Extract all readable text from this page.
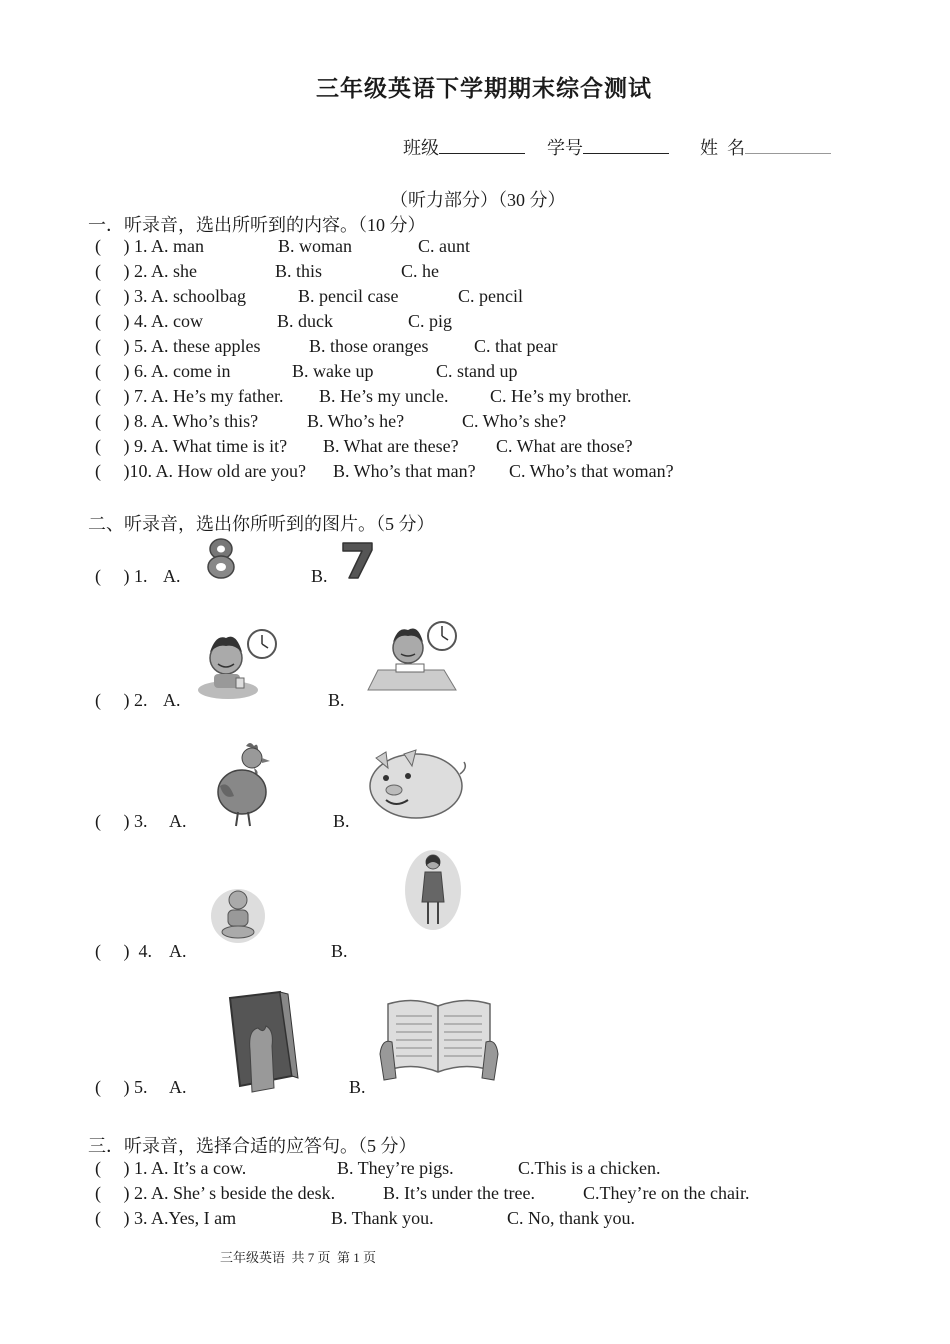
三年级英语下学期期末综合测试
班级	学号	姓  名
（听力部分）（30 分）
一．听录音，选出所听到的内容。（10 分）
(     ) 1. A. man	B. woman	C. aunt
(     ) 2. A. she	B. this	C. he
(     ) 3. A. schoolbag	B. pencil case	C. pencil
(     ) 4. A. cow	B. duck	C. pig
(     ) 5. A. these apples	B. those oranges	C. that pear
(     ) 6. A. come in	B. wake up	C. stand up
(     ) 7. A. He’s my father. B. He’s my uncle. C. He’s my brother.
(     ) 8. A. Who’s this?	B. Who’s he?	C. Who’s she?
(     ) 9. A. What time is it? B. What are these? C. What are those?
(     )10. A. How old are you? B. Who’s that man? C. Who’s that woman?
二、听录音，选出你所听到的图片。（5 分）
(     ) 1. A.	B.
(     ) 2. A.	B.
(     ) 3. A.	B.
(     )  4. A.	B.
(     ) 5. A.	B.
三．听录音，选择合适的应答句。（5 分）
(     ) 1. A. It’s a cow.	B. They’re pigs.	C.This is a chicken.
(     ) 2. A. She’ s beside the desk.	B. It’s under the tree.	C.They’re on the chair.
(     ) 3. A.Yes, I am	B. Thank you.	C. No, thank you.
三年级英语  共 7 页  第 1 页
